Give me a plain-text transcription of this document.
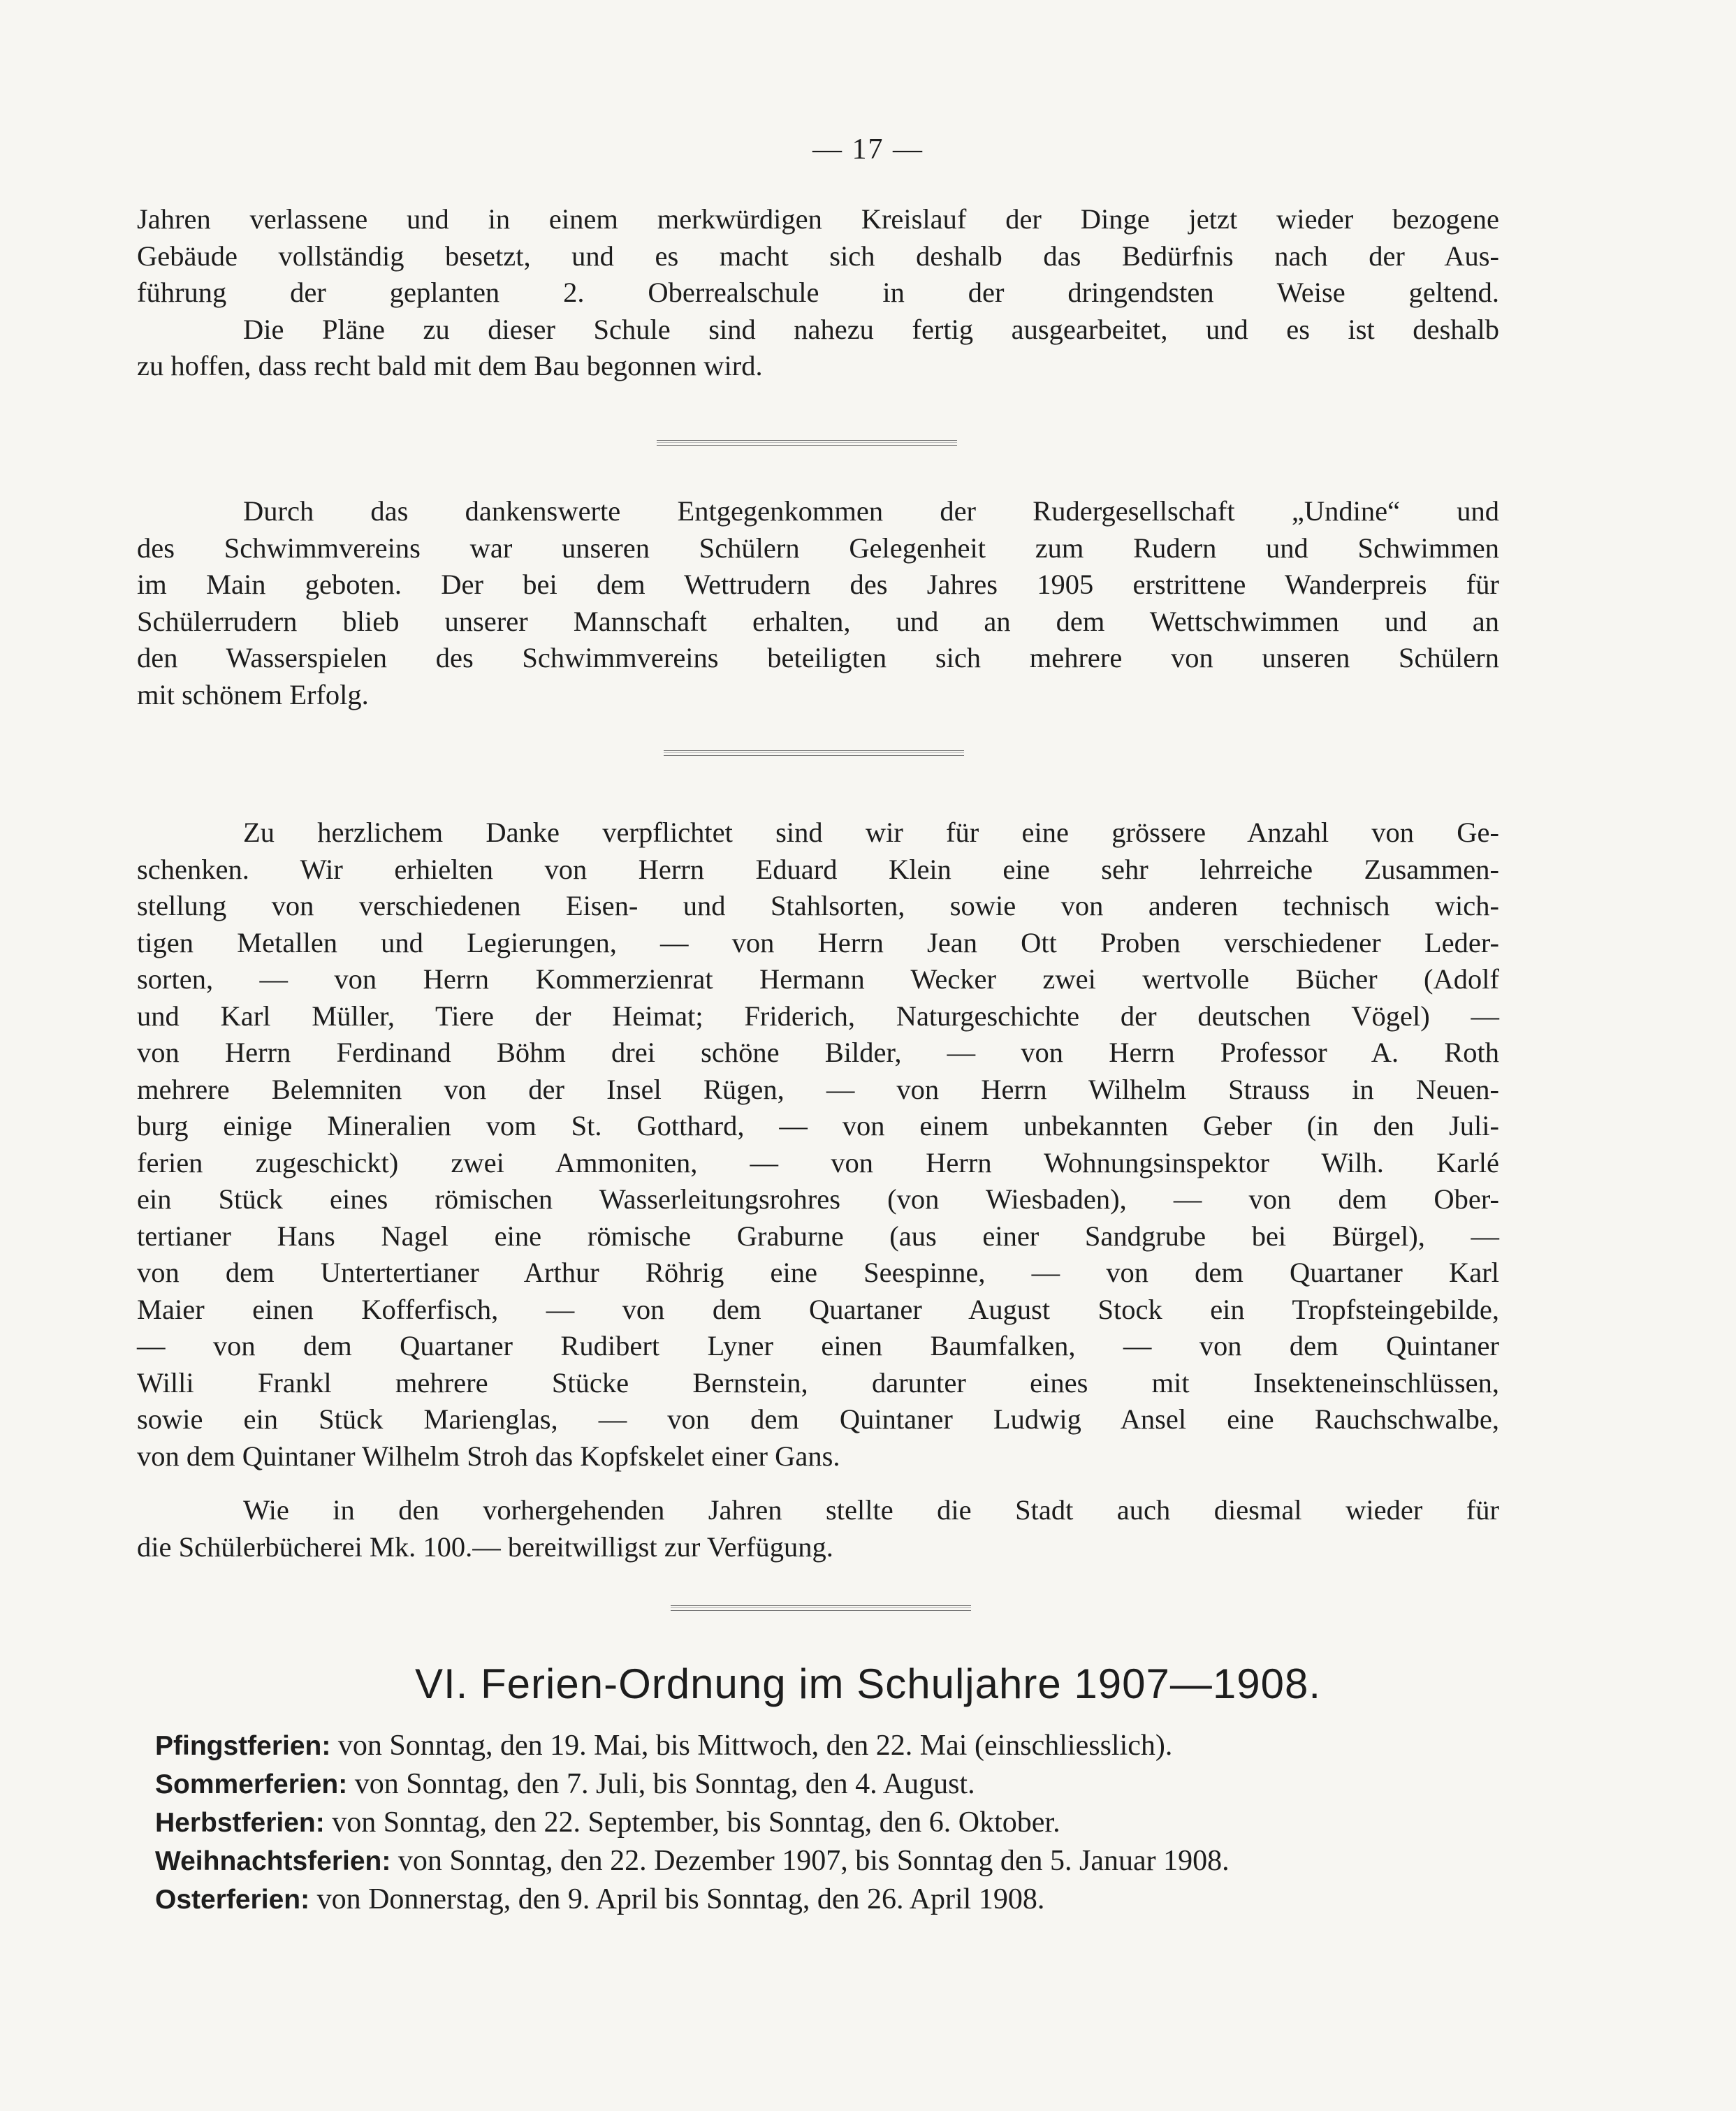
— 17 —
Jahren verlassene und in einem merkwürdigen Kreislauf der Dinge jetzt wieder bezogene
Gebäude vollständig besetzt, und es macht sich deshalb das Bedürfnis nach der Aus-
führung der geplanten 2. Oberrealschule in der dringendsten Weise geltend.
Die Pläne zu dieser Schule sind nahezu fertig ausgearbeitet, und es ist deshalb
zu hoffen, dass recht bald mit dem Bau begonnen wird.
Durch das dankenswerte Entgegenkommen der Rudergesellschaft „Undine“ und
des Schwimmvereins war unseren Schülern Gelegenheit zum Rudern und Schwimmen
im Main geboten. Der bei dem Wettrudern des Jahres 1905 erstrittene Wanderpreis für
Schülerrudern blieb unserer Mannschaft erhalten, und an dem Wettschwimmen und an
den Wasserspielen des Schwimmvereins beteiligten sich mehrere von unseren Schülern
mit schönem Erfolg.
Zu herzlichem Danke verpflichtet sind wir für eine grössere Anzahl von Ge-
schenken. Wir erhielten von Herrn Eduard Klein eine sehr lehrreiche Zusammen-
stellung von verschiedenen Eisen- und Stahlsorten, sowie von anderen technisch wich-
tigen Metallen und Legierungen, — von Herrn Jean Ott Proben verschiedener Leder-
sorten, — von Herrn Kommerzienrat Hermann Wecker zwei wertvolle Bücher (Adolf
und Karl Müller, Tiere der Heimat; Friderich, Naturgeschichte der deutschen Vögel) —
von Herrn Ferdinand Böhm drei schöne Bilder, — von Herrn Professor A. Roth
mehrere Belemniten von der Insel Rügen, — von Herrn Wilhelm Strauss in Neuen-
burg einige Mineralien vom St. Gotthard, — von einem unbekannten Geber (in den Juli-
ferien zugeschickt) zwei Ammoniten, — von Herrn Wohnungsinspektor Wilh. Karlé
ein Stück eines römischen Wasserleitungsrohres (von Wiesbaden), — von dem Ober-
tertianer Hans Nagel eine römische Graburne (aus einer Sandgrube bei Bürgel), —
von dem Untertertianer Arthur Röhrig eine Seespinne, — von dem Quartaner Karl
Maier einen Kofferfisch, — von dem Quartaner August Stock ein Tropfsteingebilde,
— von dem Quartaner Rudibert Lyner einen Baumfalken, — von dem Quintaner
Willi Frankl mehrere Stücke Bernstein, darunter eines mit Insekteneinschlüssen,
sowie ein Stück Marienglas, — von dem Quintaner Ludwig Ansel eine Rauchschwalbe,
von dem Quintaner Wilhelm Stroh das Kopfskelet einer Gans.
Wie in den vorhergehenden Jahren stellte die Stadt auch diesmal wieder für
die Schülerbücherei Mk. 100.— bereitwilligst zur Verfügung.
VI. Ferien-Ordnung im Schuljahre 1907—1908.
Pfingstferien: von Sonntag, den 19. Mai, bis Mittwoch, den 22. Mai (einschliesslich).
Sommerferien: von Sonntag, den 7. Juli, bis Sonntag, den 4. August.
Herbstferien: von Sonntag, den 22. September, bis Sonntag, den 6. Oktober.
Weihnachtsferien: von Sonntag, den 22. Dezember 1907, bis Sonntag den 5. Januar 1908.
Osterferien: von Donnerstag, den 9. April bis Sonntag, den 26. April 1908.
